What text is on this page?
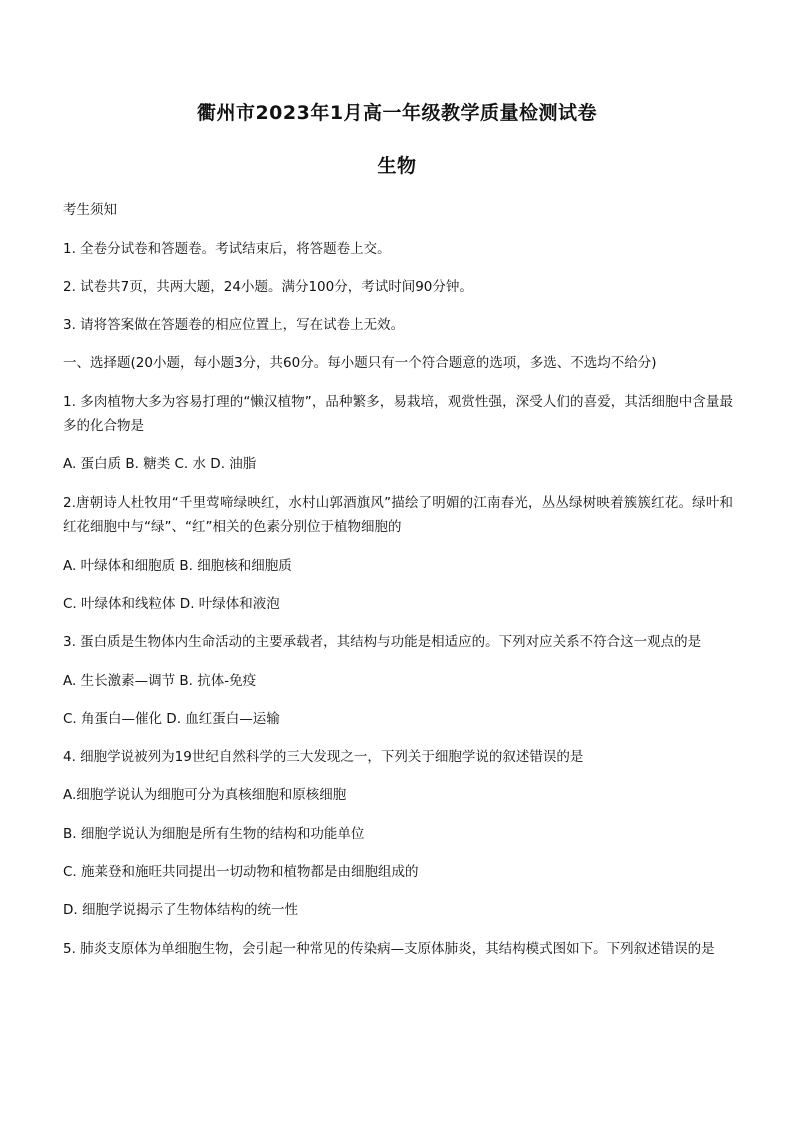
衢州市2023年1月高一年级教学质量检测试卷
生物
考生须知
1. 全卷分试卷和答题卷。考试结束后，将答题卷上交。
2. 试卷共7页，共两大题，24小题。满分100分，考试时间90分钟。
3. 请将答案做在答题卷的相应位置上，写在试卷上无效。
一、选择题(20小题，每小题3分，共60分。每小题只有一个符合题意的选项，多选、不选均不给分)
1. 多肉植物大多为容易打理的“懒汉植物”，品种繁多，易栽培，观赏性强，深受人们的喜爱，其活细胞中含量最多的化合物是
A. 蛋白质 B. 糖类 C. 水 D. 油脂
2.唐朝诗人杜牧用“千里莺啼绿映红，水村山郭酒旗风”描绘了明媚的江南春光，丛丛绿树映着簇簇红花。绿叶和红花细胞中与“绿”、“红”相关的色素分别位于植物细胞的
A. 叶绿体和细胞质 B. 细胞核和细胞质
C. 叶绿体和线粒体 D. 叶绿体和液泡
3. 蛋白质是生物体内生命活动的主要承载者，其结构与功能是相适应的。下列对应关系不符合这一观点的是
A. 生长激素—调节 B. 抗体-免疫
C. 角蛋白—催化 D. 血红蛋白—运输
4. 细胞学说被列为19世纪自然科学的三大发现之一，下列关于细胞学说的叙述错误的是
A.细胞学说认为细胞可分为真核细胞和原核细胞
B. 细胞学说认为细胞是所有生物的结构和功能单位
C. 施莱登和施旺共同提出一切动物和植物都是由细胞组成的
D. 细胞学说揭示了生物体结构的统一性
5. 肺炎支原体为单细胞生物，会引起一种常见的传染病—支原体肺炎，其结构模式图如下。下列叙述错误的是
